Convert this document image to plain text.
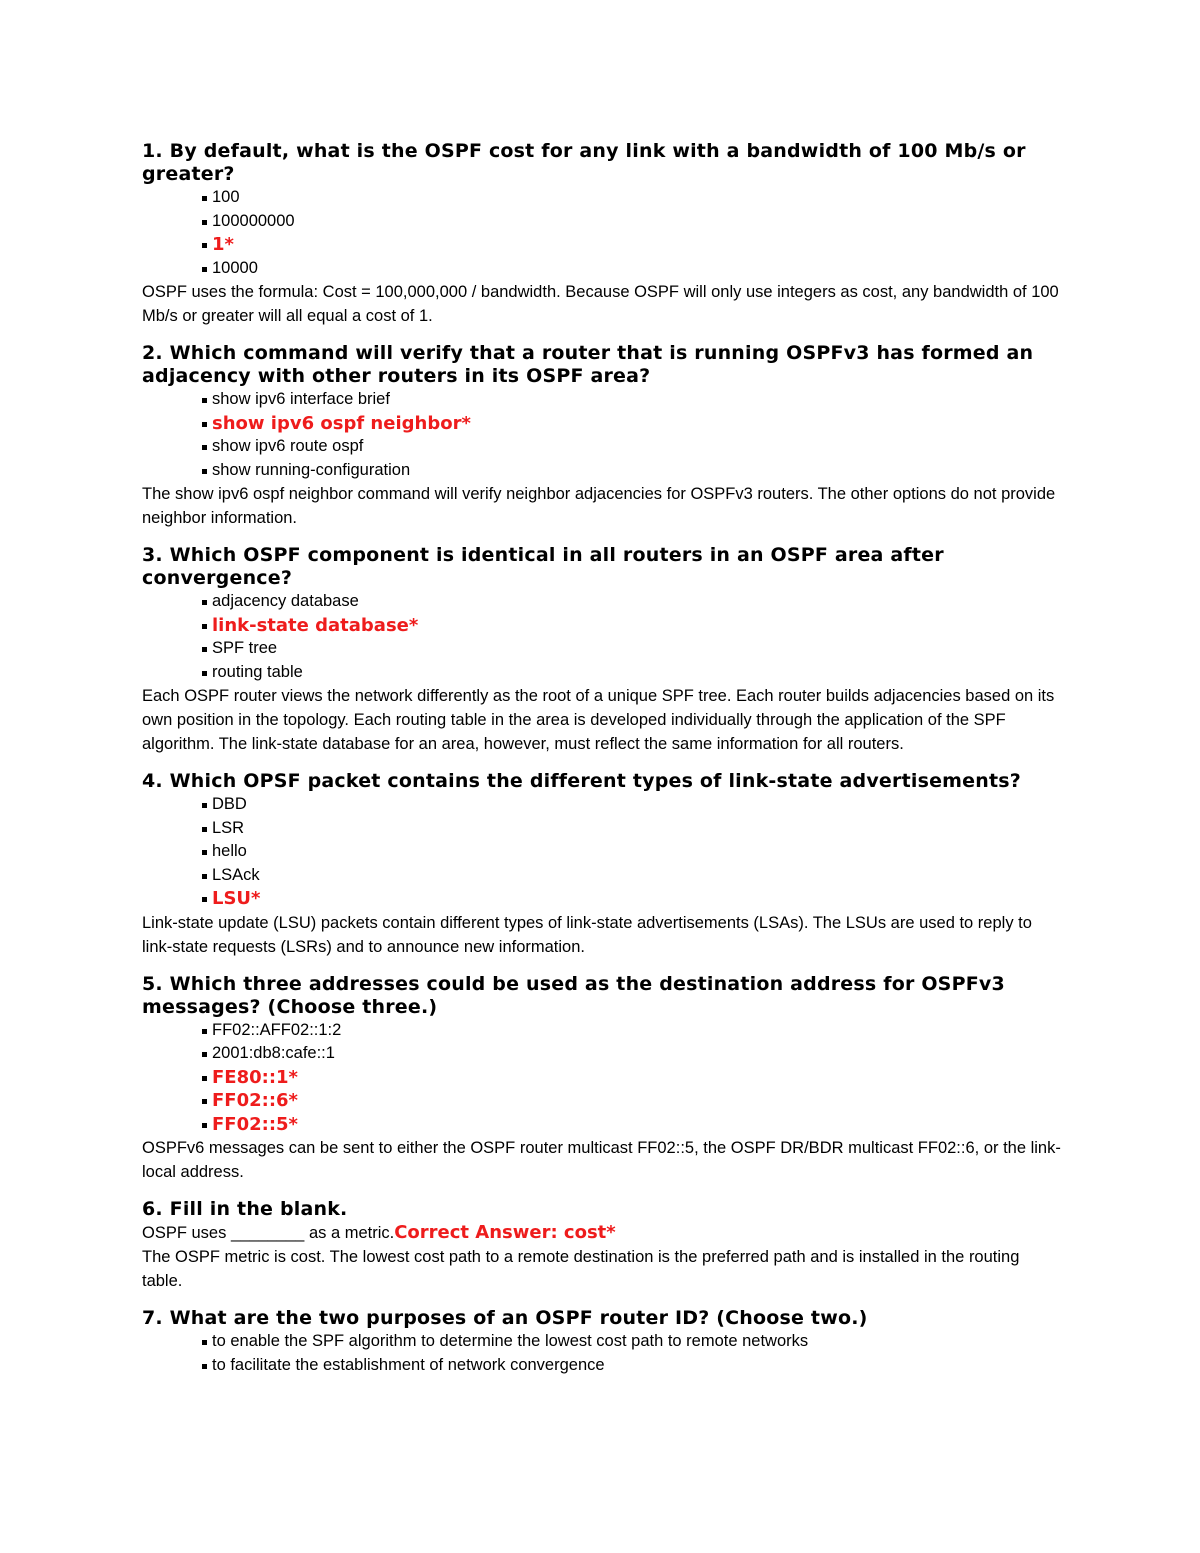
1. By default, what is the OSPF cost for any link with a bandwidth of 100 Mb/s or greater?

100
100000000
1*
10000

OSPF uses the formula: Cost = 100,000,000 / bandwidth. Because OSPF will only use integers as cost, any bandwidth of 100 Mb/s or greater will all equal a cost of 1.

2. Which command will verify that a router that is running OSPFv3 has formed an adjacency with other routers in its OSPF area?

show ipv6 interface brief
show ipv6 ospf neighbor*
show ipv6 route ospf
show running-configuration

The show ipv6 ospf neighbor command will verify neighbor adjacencies for OSPFv3 routers. The other options do not provide neighbor information.

3. Which OSPF component is identical in all routers in an OSPF area after convergence?

adjacency database
link-state database*
SPF tree
routing table

Each OSPF router views the network differently as the root of a unique SPF tree. Each router builds adjacencies based on its own position in the topology. Each routing table in the area is developed individually through the application of the SPF algorithm. The link-state database for an area, however, must reflect the same information for all routers.

4. Which OPSF packet contains the different types of link-state advertisements?

DBD
LSR
hello
LSAck
LSU*

Link-state update (LSU) packets contain different types of link-state advertisements (LSAs). The LSUs are used to reply to link-state requests (LSRs) and to announce new information.

5. Which three addresses could be used as the destination address for OSPFv3 messages? (Choose three.)

FF02::AFF02::1:2
2001:db8:cafe::1
FE80::1*
FF02::6*
FF02::5*

OSPFv6 messages can be sent to either the OSPF router multicast FF02::5, the OSPF DR/BDR multicast FF02::6, or the link-local address.

6. Fill in the blank.

OSPF uses ________ as a metric.Correct Answer: cost*

The OSPF metric is cost. The lowest cost path to a remote destination is the preferred path and is installed in the routing table.

7. What are the two purposes of an OSPF router ID? (Choose two.)

to enable the SPF algorithm to determine the lowest cost path to remote networks
to facilitate the establishment of network convergence
